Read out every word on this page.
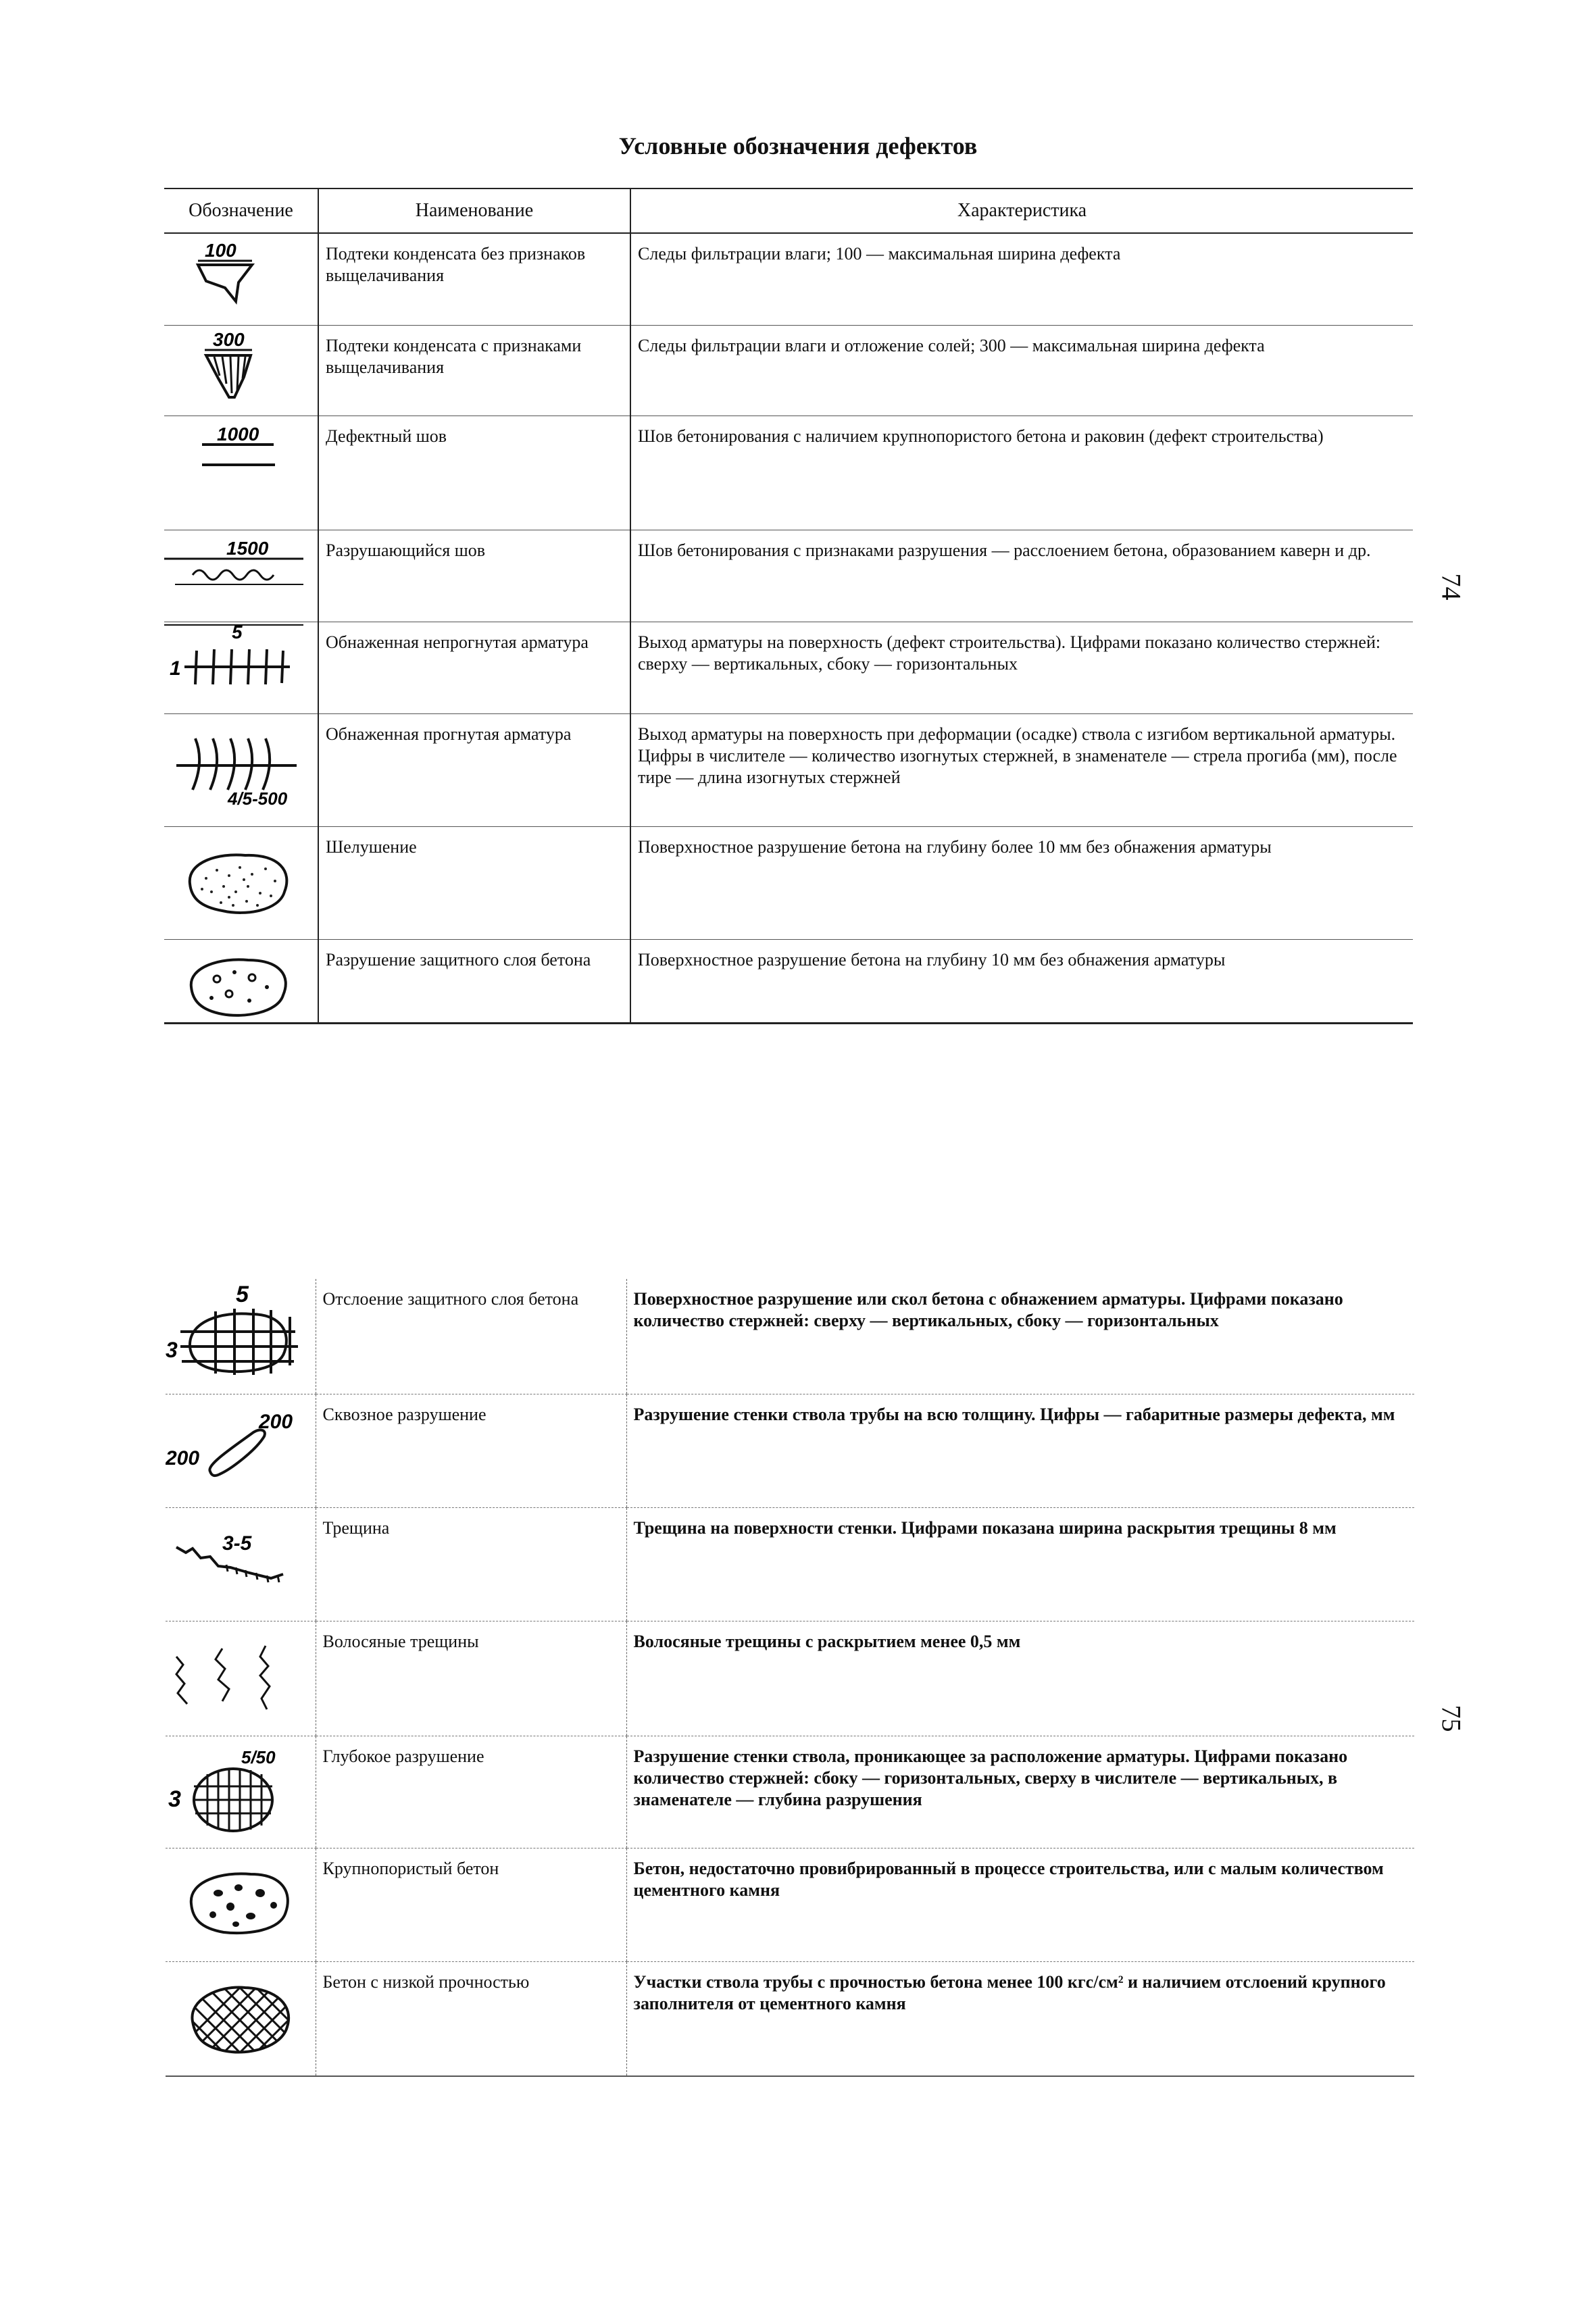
Условные обозначения дефектов
Обозначение	Наименование	Характеристика

100	Подтеки конденсата без признаков выщелачивания	Следы фильтрации влаги; 100 — максимальная ширина дефекта

300	Подтеки конденсата с признаками выщелачивания	Следы фильтрации влаги и отложение солей; 300 — максимальная ширина дефекта

1000	Дефектный шов	Шов бетонирования с наличием крупнопористого бетона и раковин (дефект строительства)

1500	Разрушающийся шов	Шов бетонирования с признаками разрушения — расслоением бетона, образованием каверн и др.

5
1	Обнаженная непрогнутая арматура	Выход арматуры на поверхность (дефект строительства). Цифрами показано количество стержней: сверху — вертикальных, сбоку — горизонтальных

4/5-500	Обнаженная прогнутая арматура	Выход арматуры на поверхность при деформации (осадке) ствола с изгибом вертикальной арматуры. Цифры в числителе — количество изогнутых стержней, в знаменателе — стрела прогиба (мм), после тире — длина изогнутых стержней

	Шелушение	Поверхностное разрушение бетона на глубину более 10 мм без обнажения арматуры

	Разрушение защитного слоя бетона	Поверхностное разрушение бетона на глубину 10 мм без обнажения арматуры
74
5
3	Отслоение защитного слоя бетона	Поверхностное разрушение или скол бетона с обнажением арматуры. Цифрами показано количество стержней: сверху — вертикальных, сбоку — горизонтальных

200
200	Сквозное разрушение	Разрушение стенки ствола трубы на всю толщину. Цифры — габаритные размеры дефекта, мм

3-5	Трещина	Трещина на поверхности стенки. Цифрами показана ширина раскрытия трещины 8 мм

	Волосяные трещины	Волосяные трещины с раскрытием менее 0,5 мм

5/50
3	Глубокое разрушение	Разрушение стенки ствола, проникающее за расположение арматуры. Цифрами показано количество стержней: сбоку — горизонтальных, сверху в числителе — вертикальных, в знаменателе — глубина разрушения

	Крупнопористый бетон	Бетон, недостаточно провибрированный в процессе строительства, или с малым количеством цементного камня

	Бетон с низкой прочностью	Участки ствола трубы с прочностью бетона менее 100 кгс/см² и наличием отслоений крупного заполнителя от цементного камня
75
